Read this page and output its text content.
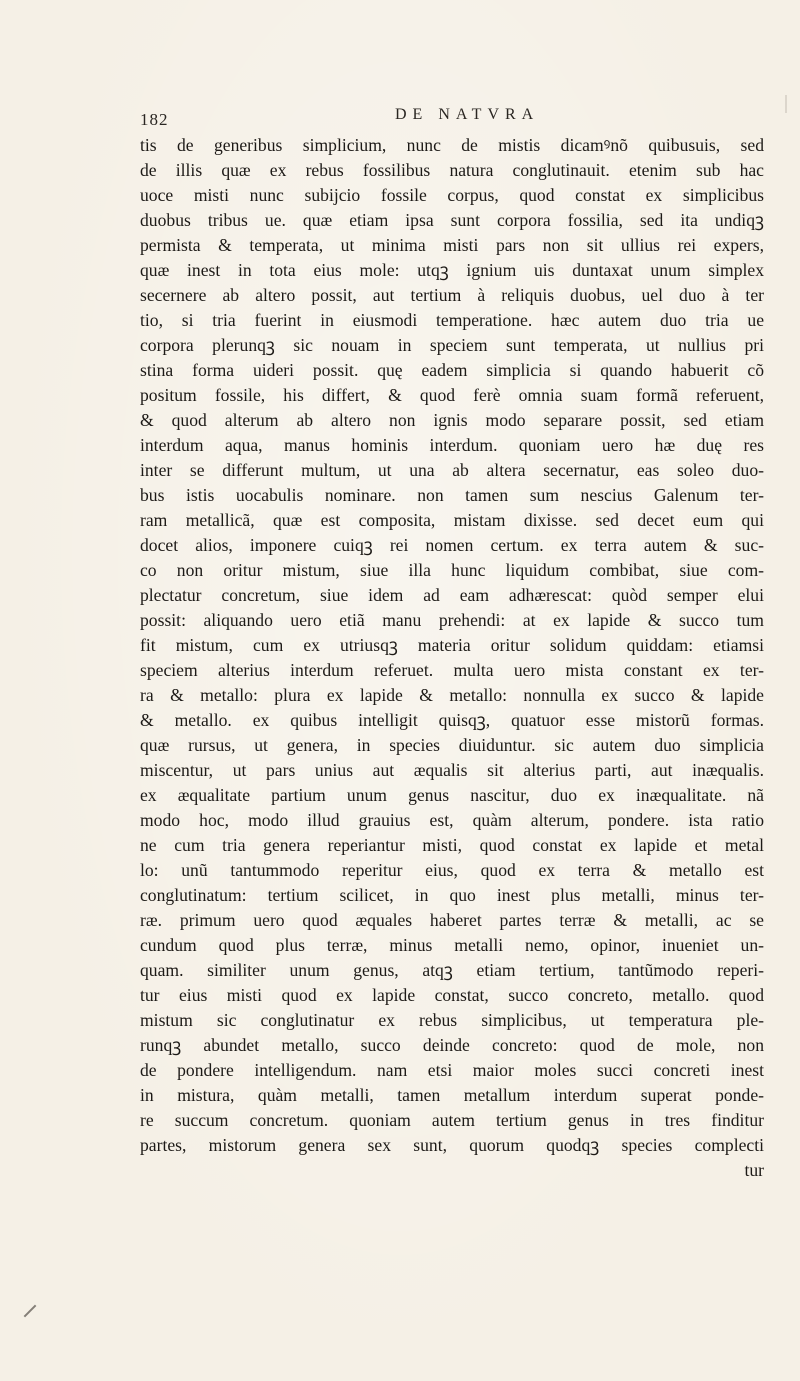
182	DE NATVRA
tis de generibus simplicium, nunc de mistis dicamꝰnõ quibusuis, sed
de illis quæ ex rebus fossilibus natura conglutinauit. etenim sub hac
uoce misti nunc subijcio fossile corpus, quod constat ex simplicibus
duobus tribus ue. quæ etiam ipsa sunt corpora fossilia, sed ita undiqꝫ
permista & temperata, ut minima misti pars non sit ullius rei expers,
quæ inest in tota eius mole: utqꝫ ignium uis duntaxat unum simplex
secernere ab altero possit, aut tertium à reliquis duobus, uel duo à ter
tio, si tria fuerint in eiusmodi temperatione. hæc autem duo tria ue
corpora plerunqꝫ sic nouam in speciem sunt temperata, ut nullius pri
stina forma uideri possit. quę eadem simplicia si quando habuerit cõ
positum fossile, his differt, & quod ferè omnia suam formã referuent,
& quod alterum ab altero non ignis modo separare possit, sed etiam
interdum aqua, manus hominis interdum. quoniam uero hæ duę res
inter se differunt multum, ut una ab altera secernatur, eas soleo duo-
bus istis uocabulis nominare. non tamen sum nescius Galenum ter-
ram metallicã, quæ est composita, mistam dixisse. sed decet eum qui
docet alios, imponere cuiqꝫ rei nomen certum. ex terra autem & suc-
co non oritur mistum, siue illa hunc liquidum combibat, siue com-
plectatur concretum, siue idem ad eam adhærescat: quòd semper elui
possit: aliquando uero etiã manu prehendi: at ex lapide & succo tum
fit mistum, cum ex utriusqꝫ materia oritur solidum quiddam: etiamsi
speciem alterius interdum referuet. multa uero mista constant ex ter-
ra & metallo: plura ex lapide & metallo: nonnulla ex succo & lapide
& metallo. ex quibus intelligit quisqꝫ, quatuor esse mistorũ formas.
quæ rursus, ut genera, in species diuiduntur. sic autem duo simplicia
miscentur, ut pars unius aut æqualis sit alterius parti, aut inæqualis.
ex æqualitate partium unum genus nascitur, duo ex inæqualitate. nã
modo hoc, modo illud grauius est, quàm alterum, pondere. ista ratio
ne cum tria genera reperiantur misti, quod constat ex lapide et metal
lo: unũ tantummodo reperitur eius, quod ex terra & metallo est
conglutinatum: tertium scilicet, in quo inest plus metalli, minus ter-
ræ. primum uero quod æquales haberet partes terræ & metalli, ac se
cundum quod plus terræ, minus metalli nemo, opinor, inueniet un-
quam. similiter unum genus, atqꝫ etiam tertium, tantũmodo reperi-
tur eius misti quod ex lapide constat, succo concreto, metallo. quod
mistum sic conglutinatur ex rebus simplicibus, ut temperatura ple-
runqꝫ abundet metallo, succo deinde concreto: quod de mole, non
de pondere intelligendum. nam etsi maior moles succi concreti inest
in mistura, quàm metalli, tamen metallum interdum superat ponde-
re succum concretum. quoniam autem tertium genus in tres finditur
partes, mistorum genera sex sunt, quorum quodqꝫ species complecti
tur
